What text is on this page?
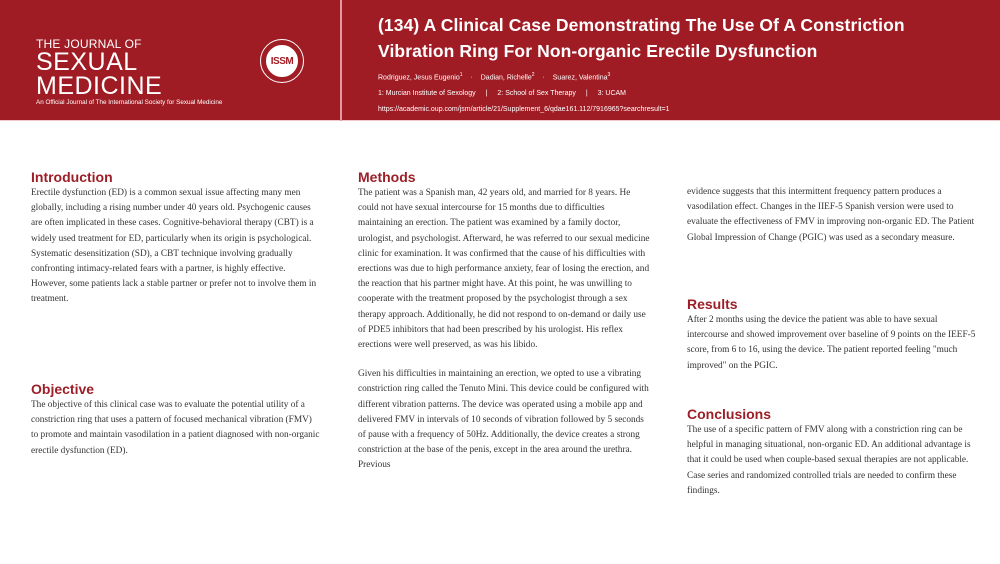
THE JOURNAL OF
SEXUAL MEDICINE
An Official Journal of The International Society for Sexual Medicine
ISSM
(134) A Clinical Case Demonstrating The Use Of A Constriction Vibration Ring For Non-organic Erectile Dysfunction
Rodriguez, Jesus Eugenio$^1$ · Dadian, Richelle$^2$ · Suarez, Valentina$^3$
1: Murcian Institute of Sexology | 2: School of Sex Therapy | 3: UCAM
https://academic.oup.com/jsm/article/21/Supplement_6/qdae161.112/7916965?searchresult=1
Introduction

Erectile dysfunction (ED) is a common sexual issue affecting many men globally, including a rising number under 40 years old. Psychogenic causes are often implicated in these cases. Cognitive-behavioral therapy (CBT) is a widely used treatment for ED, particularly when its origin is psychological. Systematic desensitization (SD), a CBT technique involving gradually confronting intimacy-related fears with a partner, is highly effective. However, some patients lack a stable partner or prefer not to involve them in treatment.

Objective

The objective of this clinical case was to evaluate the potential utility of a constriction ring that uses a pattern of focused mechanical vibration (FMV) to promote and maintain vasodilation in a patient diagnosed with non-organic erectile dysfunction (ED).

Methods

The patient was a Spanish man, 42 years old, and married for 8 years. He could not have sexual intercourse for 15 months due to difficulties maintaining an erection. The patient was examined by a family doctor, urologist, and psychologist. Afterward, he was referred to our sexual medicine clinic for examination. It was confirmed that the cause of his difficulties with erections was due to high performance anxiety, fear of losing the erection, and the reaction that his partner might have. At this point, he was unwilling to cooperate with the treatment proposed by the psychologist through a sex therapy approach. Additionally, he did not respond to on-demand or daily use of PDE5 inhibitors that had been prescribed by his urologist. His reflex erections were well preserved, as was his libido.

Given his difficulties in maintaining an erection, we opted to use a vibrating constriction ring called the Tenuto Mini. This device could be configured with different vibration patterns. The device was operated using a mobile app and delivered FMV in intervals of 10 seconds of vibration followed by 5 seconds of pause with a frequency of 50Hz. Additionally, the device creates a strong constriction at the base of the penis, except in the area around the urethra. Previous

evidence suggests that this intermittent frequency pattern produces a vasodilation effect. Changes in the IIEF-5 Spanish version were used to evaluate the effectiveness of FMV in improving non-organic ED. The Patient Global Impression of Change (PGIC) was used as a secondary measure.

Results

After 2 months using the device the patient was able to have sexual intercourse and showed improvement over baseline of 9 points on the IEEF-5 score, from 6 to 16, using the device. The patient reported feeling "much improved" on the PGIC.

Conclusions

The use of a specific pattern of FMV along with a constriction ring can be helpful in managing situational, non-organic ED. An additional advantage is that it could be used when couple-based sexual therapies are not applicable. Case series and randomized controlled trials are needed to confirm these findings.
